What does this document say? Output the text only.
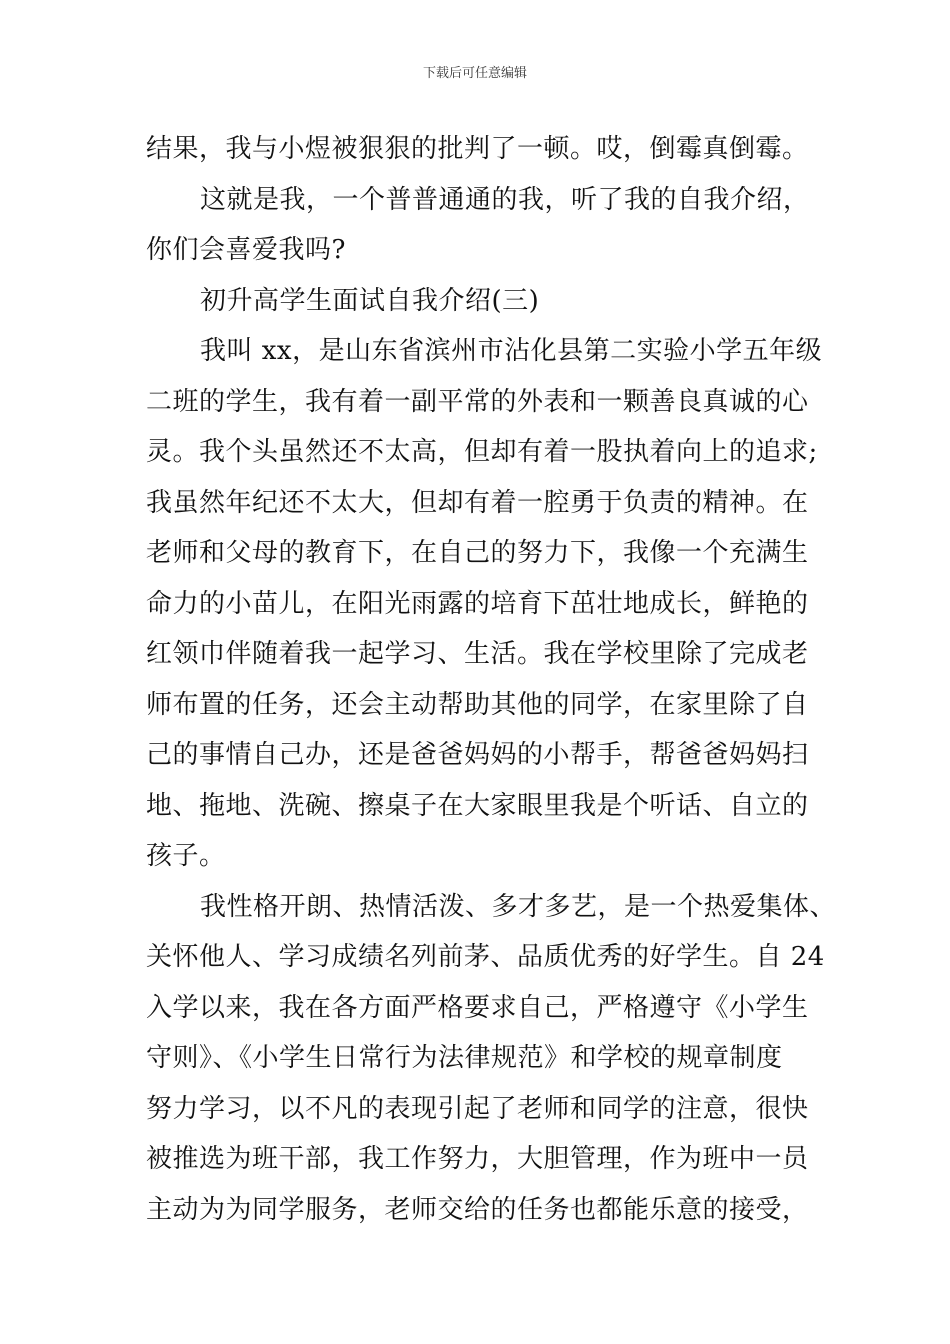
下载后可任意编辑
结果，我与小煜被狠狠的批判了一顿。哎，倒霉真倒霉。
这就是我，一个普普通通的我，听了我的自我介绍，
你们会喜爱我吗?
初升高学生面试自我介绍(三)
我叫 xx，是山东省滨州市沾化县第二实验小学五年级
二班的学生，我有着一副平常的外表和一颗善良真诚的心
灵。我个头虽然还不太高，但却有着一股执着向上的追求;
我虽然年纪还不太大，但却有着一腔勇于负责的精神。在
老师和父母的教育下，在自己的努力下，我像一个充满生
命力的小苗儿，在阳光雨露的培育下茁壮地成长，鲜艳的
红领巾伴随着我一起学习、生活。我在学校里除了完成老
师布置的任务，还会主动帮助其他的同学，在家里除了自
己的事情自己办，还是爸爸妈妈的小帮手，帮爸爸妈妈扫
地、拖地、洗碗、擦桌子在大家眼里我是个听话、自立的
孩子。
我性格开朗、热情活泼、多才多艺，是一个热爱集体、
关怀他人、学习成绩名列前茅、品质优秀的好学生。自 24
入学以来，我在各方面严格要求自己，严格遵守《小学生
守则》、《小学生日常行为法律规范》和学校的规章制度
努力学习，以不凡的表现引起了老师和同学的注意，很快
被推选为班干部，我工作努力，大胆管理，作为班中一员
主动为为同学服务，老师交给的任务也都能乐意的接受，
